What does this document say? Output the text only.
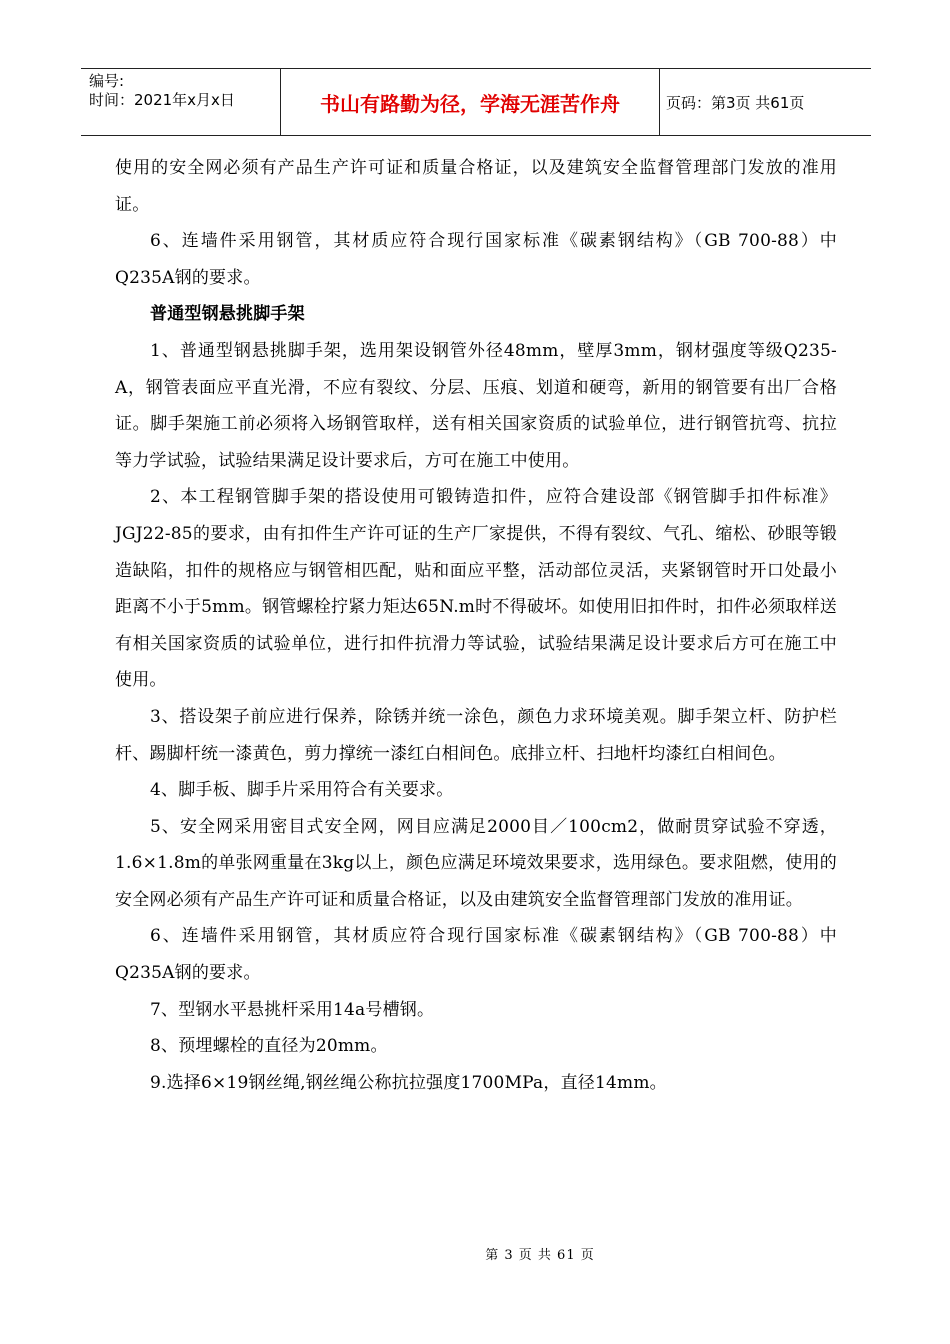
编号:
时间：2021年x月x日	书山有路勤为径，学海无涯苦作舟	页码：第3页 共61页

使用的安全网必须有产品生产许可证和质量合格证，以及建筑安全监督管理部门发放的准用证。

6、连墙件采用钢管，其材质应符合现行国家标准《碳素钢结构》（GB 700-88）中Q235A钢的要求。

普通型钢悬挑脚手架

1、普通型钢悬挑脚手架，选用架设钢管外径48mm，壁厚3mm，钢材强度等级Q235-A，钢管表面应平直光滑，不应有裂纹、分层、压痕、划道和硬弯，新用的钢管要有出厂合格证。脚手架施工前必须将入场钢管取样，送有相关国家资质的试验单位，进行钢管抗弯、抗拉等力学试验，试验结果满足设计要求后，方可在施工中使用。

2、本工程钢管脚手架的搭设使用可锻铸造扣件，应符合建设部《钢管脚手扣件标准》JGJ22-85的要求，由有扣件生产许可证的生产厂家提供，不得有裂纹、气孔、缩松、砂眼等锻造缺陷，扣件的规格应与钢管相匹配，贴和面应平整，活动部位灵活，夹紧钢管时开口处最小距离不小于5mm。钢管螺栓拧紧力矩达65N.m时不得破坏。如使用旧扣件时，扣件必须取样送有相关国家资质的试验单位，进行扣件抗滑力等试验，试验结果满足设计要求后方可在施工中使用。

3、搭设架子前应进行保养，除锈并统一涂色，颜色力求环境美观。脚手架立杆、防护栏杆、踢脚杆统一漆黄色，剪力撑统一漆红白相间色。底排立杆、扫地杆均漆红白相间色。

4、脚手板、脚手片采用符合有关要求。

5、安全网采用密目式安全网，网目应满足2000目／100cm2，做耐贯穿试验不穿透，1.6×1.8m的单张网重量在3kg以上，颜色应满足环境效果要求，选用绿色。要求阻燃，使用的安全网必须有产品生产许可证和质量合格证，以及由建筑安全监督管理部门发放的准用证。

6、连墙件采用钢管，其材质应符合现行国家标准《碳素钢结构》（GB 700-88）中Q235A钢的要求。

7、型钢水平悬挑杆采用14a号槽钢。

8、预埋螺栓的直径为20mm。

9.选择6×19钢丝绳,钢丝绳公称抗拉强度1700MPa，直径14mm。

第 3 页 共 61 页
